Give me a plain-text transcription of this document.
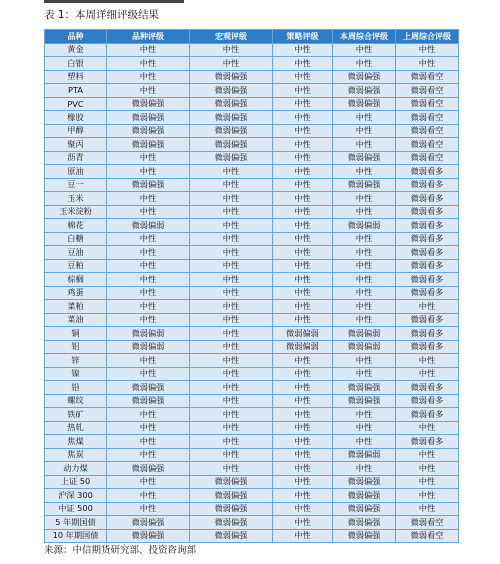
表 1：本周详细评级结果
品种	品种评级	宏观评级	策略评级	本周综合评级	上周综合评级
黄金	中性	中性	中性	中性	中性
白银	中性	中性	中性	中性	中性
塑料	中性	微弱偏强	中性	微弱偏强	微弱看空
PTA	中性	微弱偏强	中性	微弱偏强	微弱看空
PVC	微弱偏强	微弱偏强	中性	微弱偏强	微弱看空
橡胶	微弱偏强	微弱偏强	中性	中性	微弱看空
甲醇	微弱偏强	微弱偏强	中性	中性	微弱看空
聚丙	微弱偏强	微弱偏强	中性	中性	微弱看空
沥青	中性	微弱偏强	中性	微弱偏强	微弱看空
原油	中性	中性	中性	中性	微弱看多
豆一	微弱偏强	中性	中性	微弱偏强	微弱看多
玉米	中性	中性	中性	中性	微弱看多
玉米淀粉	中性	中性	中性	中性	微弱看多
棉花	微弱偏弱	中性	中性	微弱偏弱	微弱看多
白糖	中性	中性	中性	中性	微弱看多
豆油	中性	中性	中性	中性	微弱看多
豆粕	中性	中性	中性	中性	微弱看多
棕榈	中性	中性	中性	中性	微弱看多
鸡蛋	中性	中性	中性	中性	微弱看多
菜粕	中性	中性	中性	中性	中性
菜油	中性	中性	中性	中性	微弱看多
铜	微弱偏弱	中性	微弱偏弱	微弱偏弱	微弱看多
铝	微弱偏弱	中性	微弱偏弱	微弱偏弱	微弱看多
锌	中性	中性	中性	中性	中性
镍	中性	中性	中性	中性	中性
铅	微弱偏强	中性	中性	微弱偏强	微弱看多
螺纹	微弱偏强	中性	中性	微弱偏强	微弱看多
铁矿	中性	中性	中性	中性	微弱看多
热轧	中性	中性	中性	中性	中性
焦煤	中性	中性	中性	中性	微弱看多
焦炭	中性	中性	中性	微弱偏弱	中性
动力煤	微弱偏强	中性	中性	中性	中性
上证 50	中性	微弱偏强	中性	微弱偏强	中性
沪深 300	中性	微弱偏强	中性	微弱偏强	中性
中证 500	中性	微弱偏强	中性	微弱偏强	中性
5 年期国债	微弱偏强	微弱偏强	中性	微弱偏强	微弱看空
10 年期国债	微弱偏强	微弱偏强	中性	微弱偏强	微弱看空
来源：中信期货研究部、投资咨询部
